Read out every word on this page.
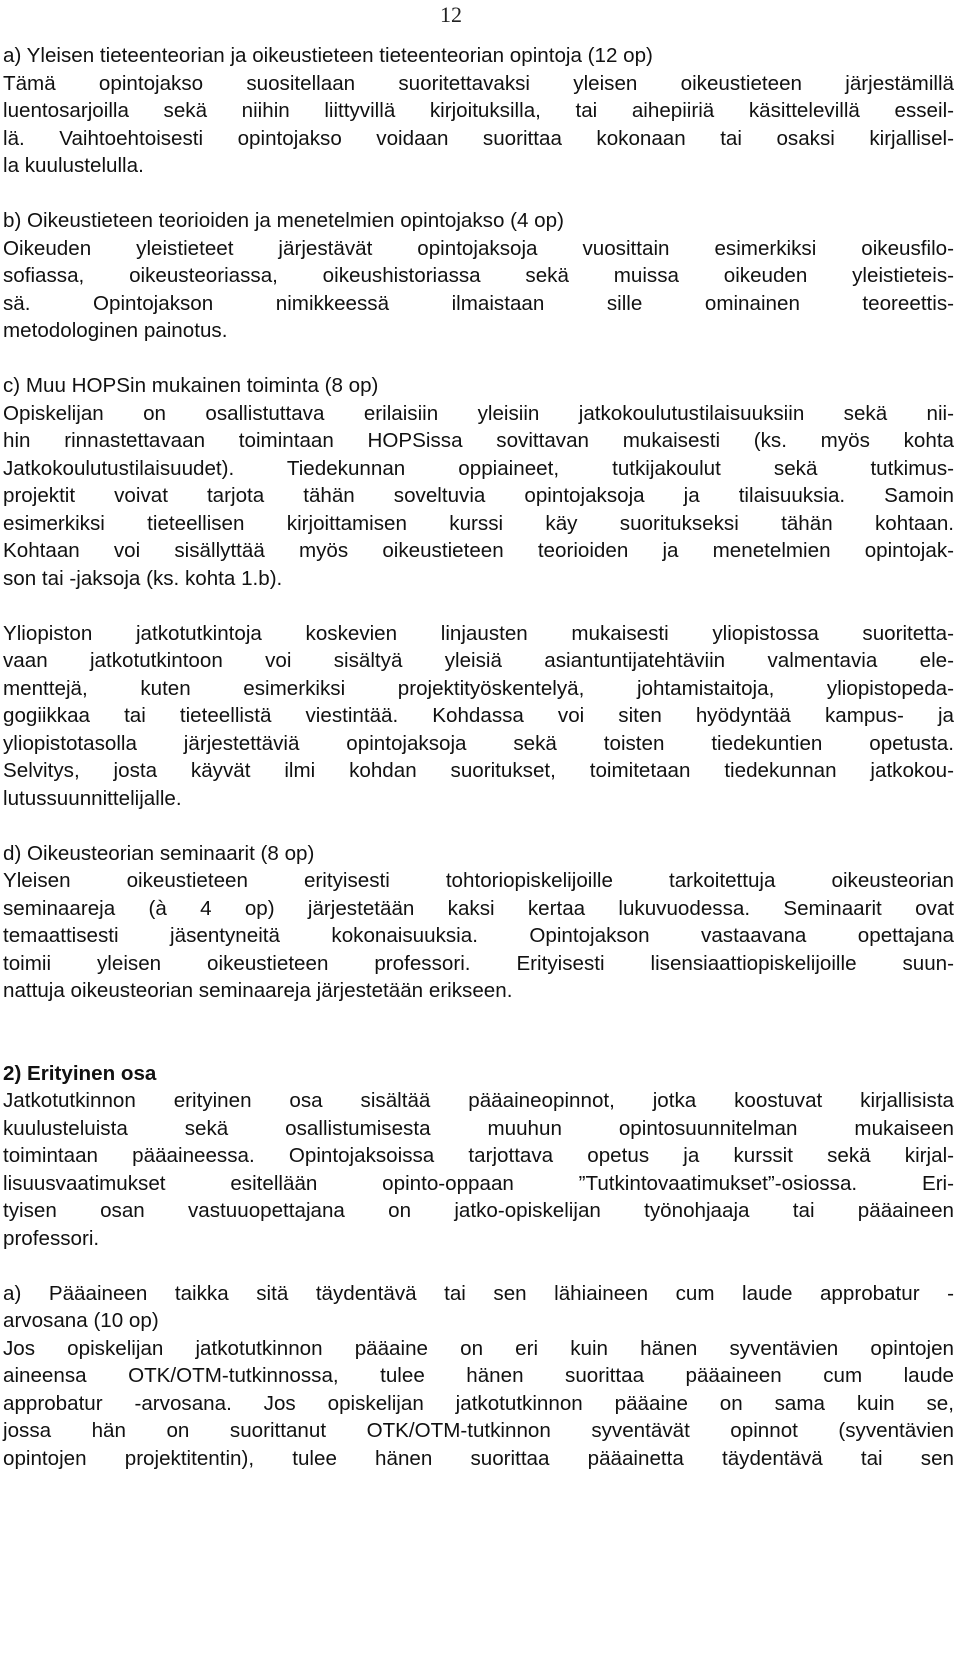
12
a) Yleisen tieteenteorian ja oikeustieteen tieteenteorian opintoja (12 op)
Tämä opintojakso suositellaan suoritettavaksi yleisen oikeustieteen järjestämillä
luentosarjoilla sekä niihin liittyvillä kirjoituksilla, tai aihepiiriä käsittelevillä esseil-
lä. Vaihtoehtoisesti opintojakso voidaan suorittaa kokonaan tai osaksi kirjallisel-
la kuulustelulla.
b) Oikeustieteen teorioiden ja menetelmien opintojakso (4 op)
Oikeuden yleistieteet järjestävät opintojaksoja vuosittain esimerkiksi oikeusfilo-
sofiassa, oikeusteoriassa, oikeushistoriassa sekä muissa oikeuden yleistieteis-
sä. Opintojakson nimikkeessä ilmaistaan sille ominainen teoreettis-
metodologinen painotus.
c) Muu HOPSin mukainen toiminta (8 op)
Opiskelijan on osallistuttava erilaisiin yleisiin jatkokoulutustilaisuuksiin sekä nii-
hin rinnastettavaan toimintaan HOPSissa sovittavan mukaisesti (ks. myös kohta
Jatkokoulutustilaisuudet). Tiedekunnan oppiaineet, tutkijakoulut sekä tutkimus-
projektit voivat tarjota tähän soveltuvia opintojaksoja ja tilaisuuksia. Samoin
esimerkiksi tieteellisen kirjoittamisen kurssi käy suoritukseksi tähän kohtaan.
Kohtaan voi sisällyttää myös oikeustieteen teorioiden ja menetelmien opintojak-
son tai -jaksoja (ks. kohta 1.b).
Yliopiston jatkotutkintoja koskevien linjausten mukaisesti yliopistossa suoritetta-
vaan jatkotutkintoon voi sisältyä yleisiä asiantuntijatehtäviin valmentavia ele-
menttejä, kuten esimerkiksi projektityöskentelyä, johtamistaitoja, yliopistopeda-
gogiikkaa tai tieteellistä viestintää. Kohdassa voi siten hyödyntää kampus- ja
yliopistotasolla järjestettäviä opintojaksoja sekä toisten tiedekuntien opetusta.
Selvitys, josta käyvät ilmi kohdan suoritukset, toimitetaan tiedekunnan jatkokou-
lutussuunnittelijalle.
d) Oikeusteorian seminaarit (8 op)
Yleisen oikeustieteen erityisesti tohtoriopiskelijoille tarkoitettuja oikeusteorian
seminaareja (à 4 op) järjestetään kaksi kertaa lukuvuodessa. Seminaarit ovat
temaattisesti jäsentyneitä kokonaisuuksia. Opintojakson vastaavana opettajana
toimii yleisen oikeustieteen professori. Erityisesti lisensiaattiopiskelijoille suun-
nattuja oikeusteorian seminaareja järjestetään erikseen.
2) Erityinen osa
Jatkotutkinnon erityinen osa sisältää pääaineopinnot, jotka koostuvat kirjallisista
kuulusteluista sekä osallistumisesta muuhun opintosuunnitelman mukaiseen
toimintaan pääaineessa. Opintojaksoissa tarjottava opetus ja kurssit sekä kirjal-
lisuusvaatimukset esitellään opinto-oppaan ”Tutkintovaatimukset”-osiossa. Eri-
tyisen osan vastuuopettajana on jatko-opiskelijan työnohjaaja tai pääaineen
professori.
a) Pääaineen taikka sitä täydentävä tai sen lähiaineen cum laude approbatur -
arvosana (10 op)
Jos opiskelijan jatkotutkinnon pääaine on eri kuin hänen syventävien opintojen
aineensa OTK/OTM-tutkinnossa, tulee hänen suorittaa pääaineen cum laude
approbatur -arvosana. Jos opiskelijan jatkotutkinnon pääaine on sama kuin se,
jossa hän on suorittanut OTK/OTM-tutkinnon syventävät opinnot (syventävien
opintojen projektitentin), tulee hänen suorittaa pääainetta täydentävä tai sen
